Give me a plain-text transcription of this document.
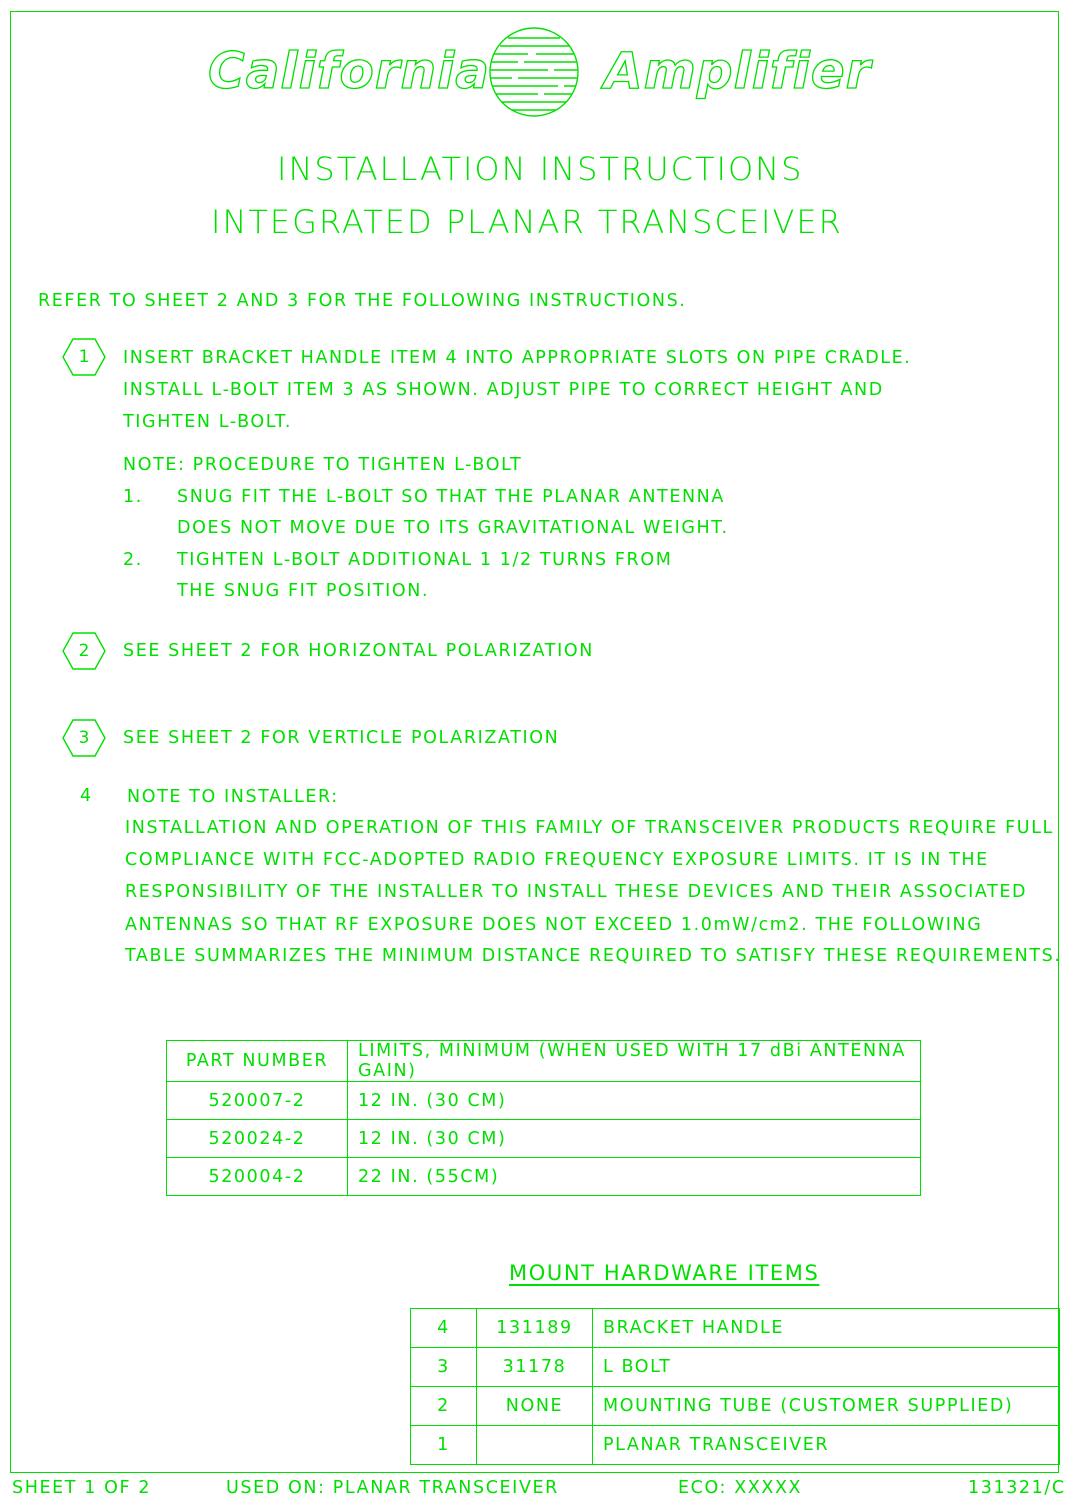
California Amplifier
INSTALLATION INSTRUCTIONS
INTEGRATED PLANAR TRANSCEIVER
REFER TO SHEET 2 AND 3 FOR THE FOLLOWING INSTRUCTIONS.
1	INSERT BRACKET HANDLE ITEM 4 INTO APPROPRIATE SLOTS ON PIPE CRADLE.
INSTALL L-BOLT ITEM 3 AS SHOWN. ADJUST PIPE TO CORRECT HEIGHT AND
TIGHTEN L-BOLT.
NOTE: PROCEDURE TO TIGHTEN L-BOLT
1. SNUG FIT THE L-BOLT SO THAT THE PLANAR ANTENNA
DOES NOT MOVE DUE TO ITS GRAVITATIONAL WEIGHT.
2. TIGHTEN L-BOLT ADDITIONAL 1 1/2 TURNS FROM
THE SNUG FIT POSITION.
2	SEE SHEET 2 FOR HORIZONTAL POLARIZATION
3	SEE SHEET 2 FOR VERTICLE POLARIZATION
4 NOTE TO INSTALLER:
INSTALLATION AND OPERATION OF THIS FAMILY OF TRANSCEIVER PRODUCTS REQUIRE FULL
COMPLIANCE WITH FCC-ADOPTED RADIO FREQUENCY EXPOSURE LIMITS. IT IS IN THE
RESPONSIBILITY OF THE INSTALLER TO INSTALL THESE DEVICES AND THEIR ASSOCIATED
ANTENNAS SO THAT RF EXPOSURE DOES NOT EXCEED 1.0mW/cm2. THE FOLLOWING
TABLE SUMMARIZES THE MINIMUM DISTANCE REQUIRED TO SATISFY THESE REQUIREMENTS.
PART NUMBER	LIMITS, MINIMUM (WHEN USED WITH 17 dBi ANTENNA GAIN)
520007-2	12 IN. (30 CM)
520024-2	12 IN. (30 CM)
520004-2	22 IN. (55CM)
MOUNT HARDWARE ITEMS
4	131189	BRACKET HANDLE
3	31178	L BOLT
2	NONE	MOUNTING TUBE (CUSTOMER SUPPLIED)
1		PLANAR TRANSCEIVER
SHEET 1 OF 2	USED ON: PLANAR TRANSCEIVER	ECO: XXXXX	131321/C
